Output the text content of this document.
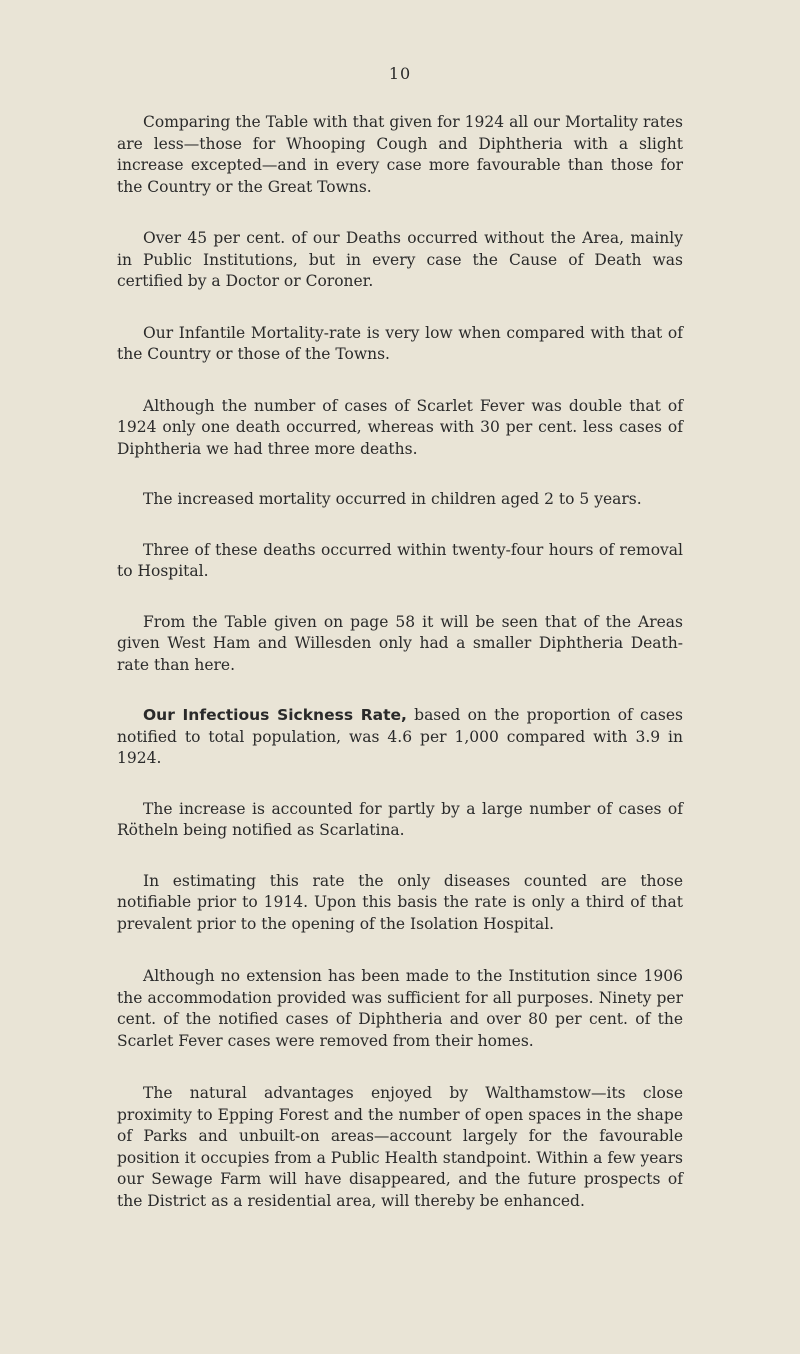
10

Comparing the Table with that given for 1924 all our Mortality rates are less—those for Whooping Cough and Diphtheria with a slight increase excepted—and in every case more favourable than those for the Country or the Great Towns.

Over 45 per cent. of our Deaths occurred without the Area, mainly in Public Institutions, but in every case the Cause of Death was certified by a Doctor or Coroner.

Our Infantile Mortality-rate is very low when compared with that of the Country or those of the Towns.

Although the number of cases of Scarlet Fever was double that of 1924 only one death occurred, whereas with 30 per cent. less cases of Diphtheria we had three more deaths.

The increased mortality occurred in children aged 2 to 5 years.

Three of these deaths occurred within twenty-four hours of removal to Hospital.

From the Table given on page 58 it will be seen that of the Areas given West Ham and Willesden only had a smaller Diphtheria Death-rate than here.

Our Infectious Sickness Rate, based on the proportion of cases notified to total population, was 4.6 per 1,000 compared with 3.9 in 1924.

The increase is accounted for partly by a large number of cases of Rötheln being notified as Scarlatina.

In estimating this rate the only diseases counted are those notifiable prior to 1914. Upon this basis the rate is only a third of that prevalent prior to the opening of the Isolation Hospital.

Although no extension has been made to the Institution since 1906 the accommodation provided was sufficient for all purposes. Ninety per cent. of the notified cases of Diphtheria and over 80 per cent. of the Scarlet Fever cases were removed from their homes.

The natural advantages enjoyed by Walthamstow—its close proximity to Epping Forest and the number of open spaces in the shape of Parks and unbuilt-on areas—account largely for the favourable position it occupies from a Public Health standpoint. Within a few years our Sewage Farm will have disappeared, and the future prospects of the District as a residential area, will thereby be enhanced.
